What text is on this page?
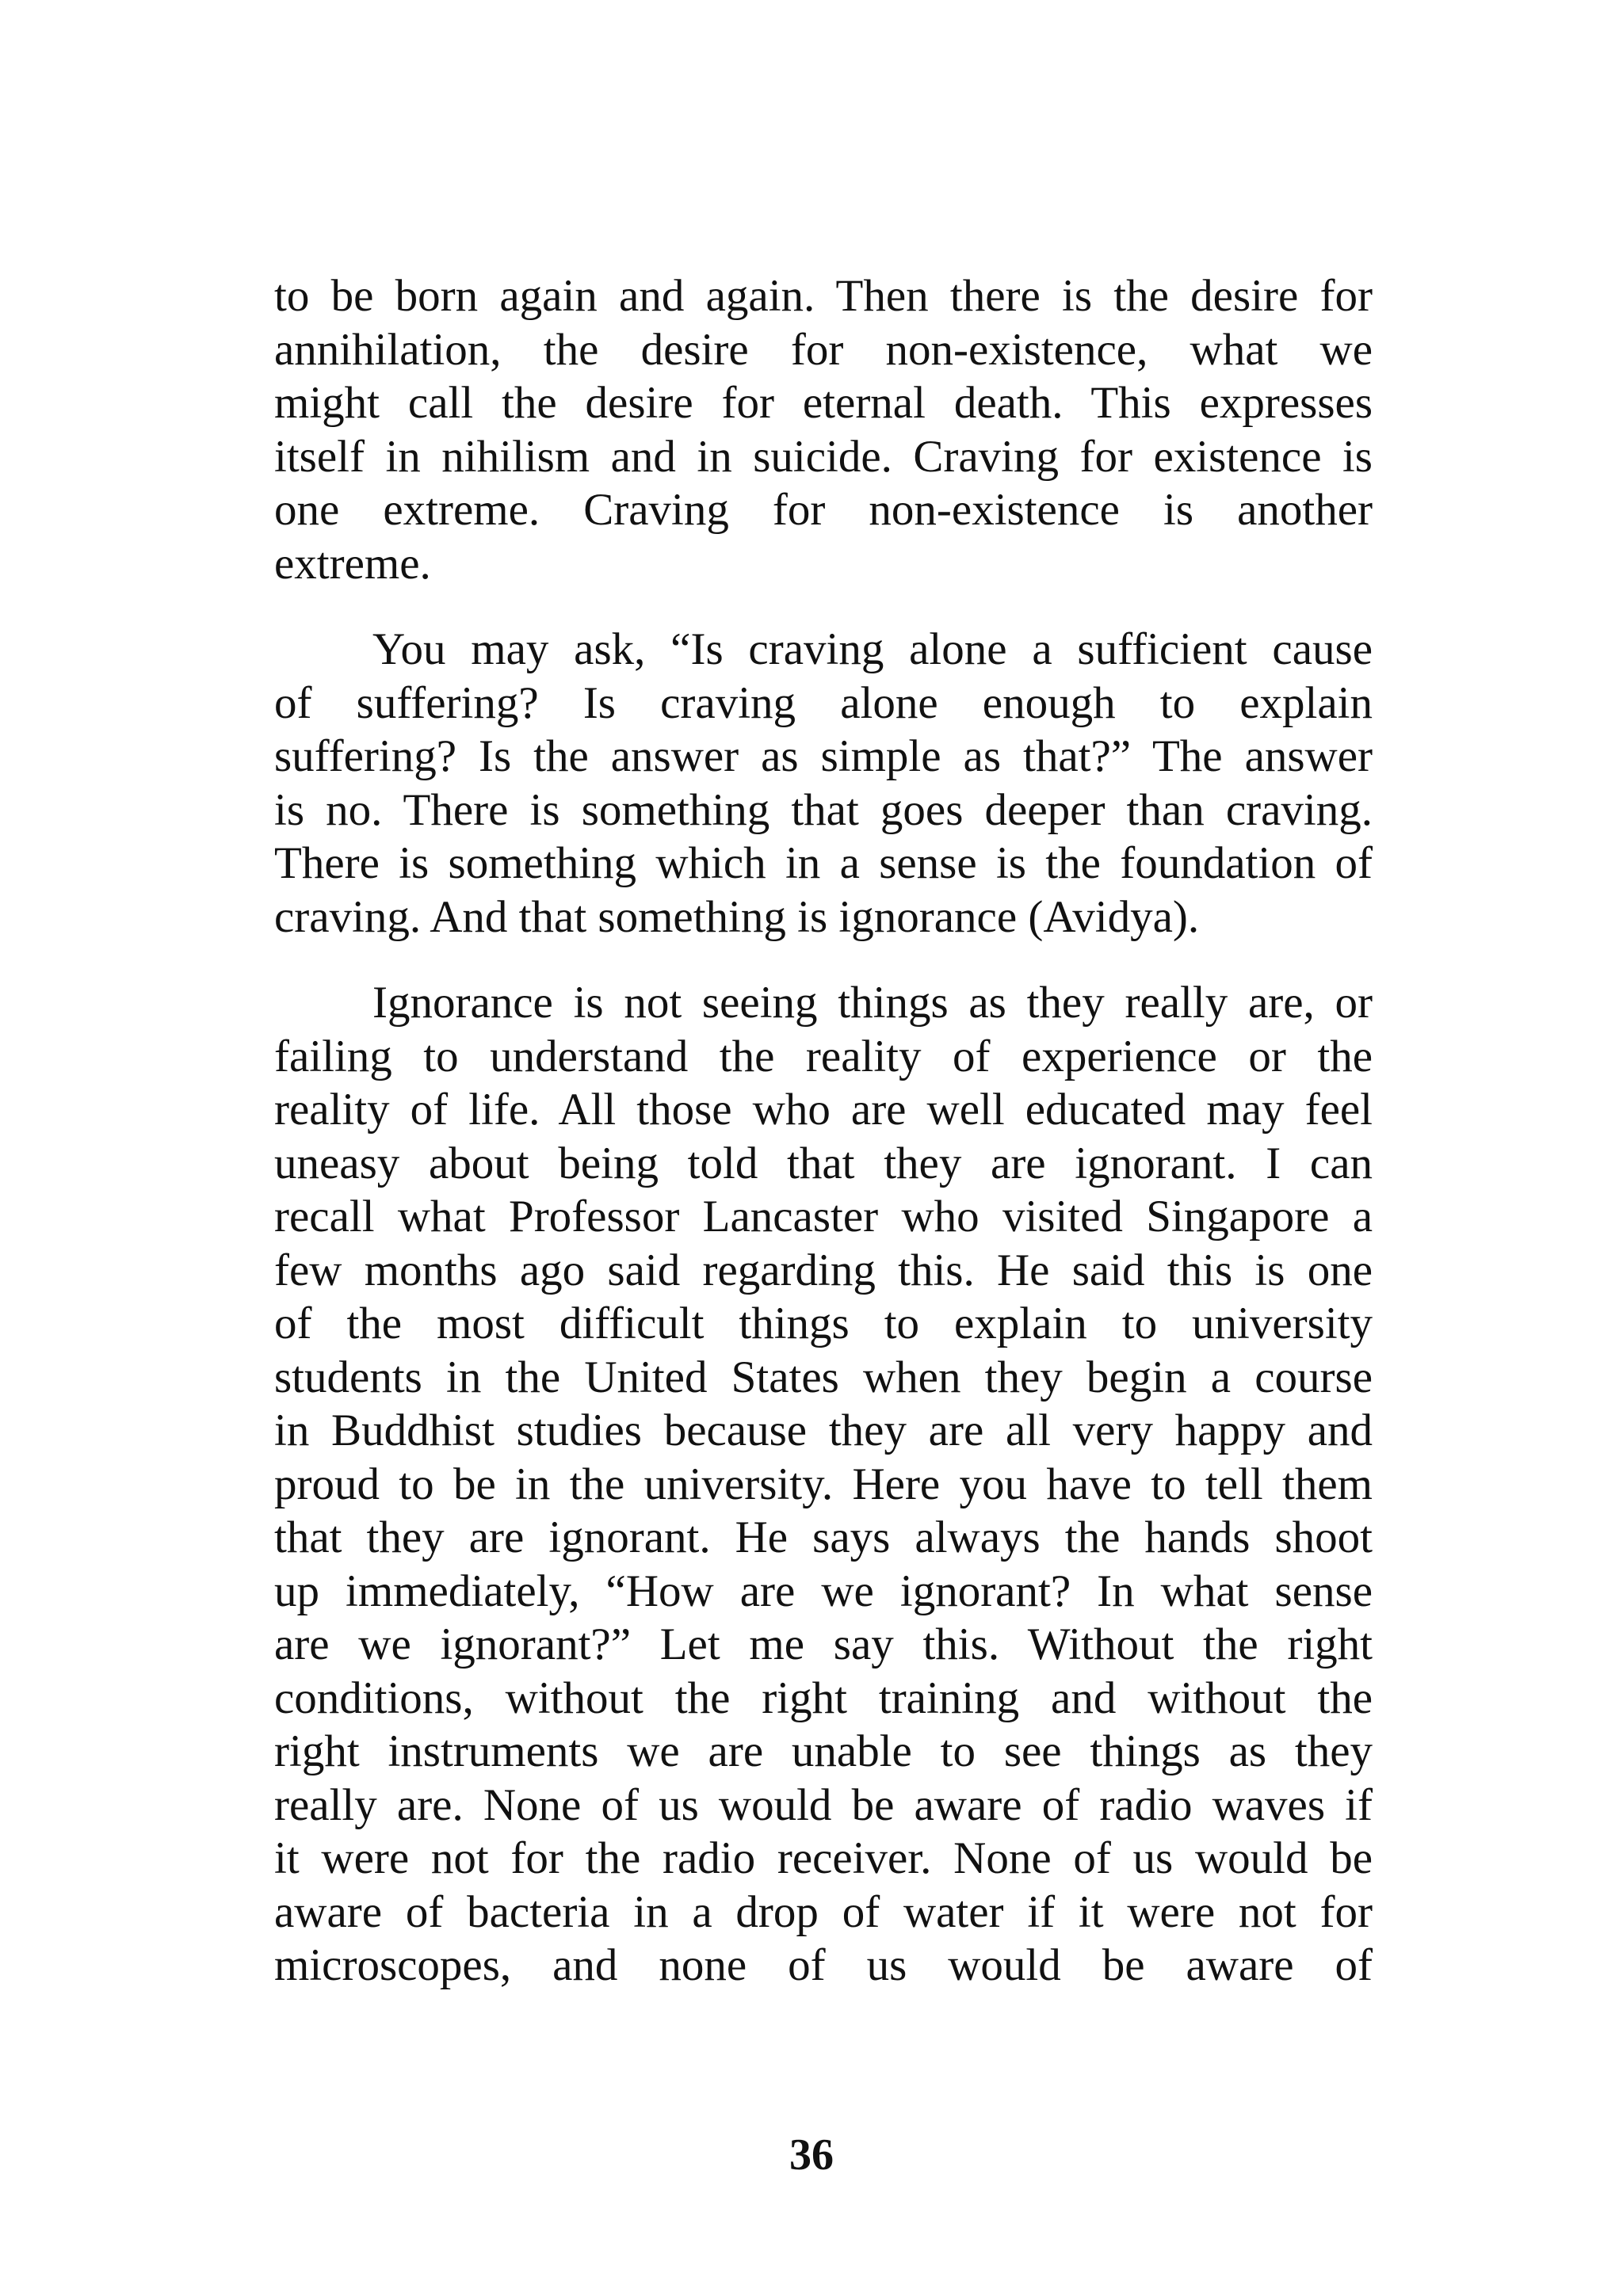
to be born again and again. Then there is the desire for
annihilation, the desire for non-existence, what we
might call the desire for eternal death. This expresses
itself in nihilism and in suicide. Craving for existence is
one extreme. Craving for non-existence is another
extreme.
You may ask, “Is craving alone a sufficient cause
of suffering? Is craving alone enough to explain
suffering? Is the answer as simple as that?” The answer
is no. There is something that goes deeper than craving.
There is something which in a sense is the foundation of
craving. And that something is ignorance (Avidya).
Ignorance is not seeing things as they really are, or
failing to understand the reality of experience or the
reality of life. All those who are well educated may feel
uneasy about being told that they are ignorant. I can
recall what Professor Lancaster who visited Singapore a
few months ago said regarding this. He said this is one
of the most difficult things to explain to university
students in the United States when they begin a course
in Buddhist studies because they are all very happy and
proud to be in the university. Here you have to tell them
that they are ignorant. He says always the hands shoot
up immediately, “How are we ignorant? In what sense
are we ignorant?” Let me say this. Without the right
conditions, without the right training and without the
right instruments we are unable to see things as they
really are. None of us would be aware of radio waves if
it were not for the radio receiver. None of us would be
aware of bacteria in a drop of water if it were not for
microscopes, and none of us would be aware of
36
